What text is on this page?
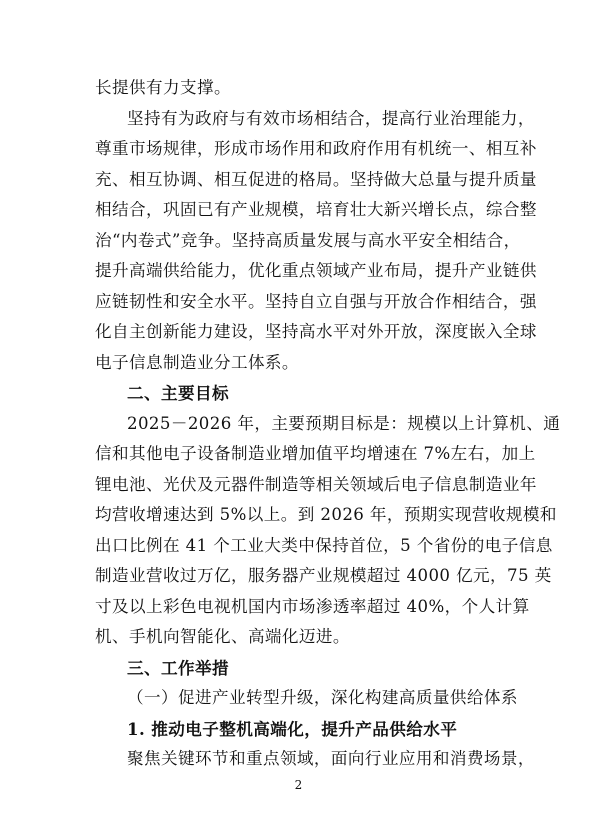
长提供有力支撑。
坚持有为政府与有效市场相结合，提高行业治理能力，
尊重市场规律，形成市场作用和政府作用有机统一、相互补
充、相互协调、相互促进的格局。坚持做大总量与提升质量
相结合，巩固已有产业规模，培育壮大新兴增长点，综合整
治“内卷式”竞争。坚持高质量发展与高水平安全相结合，
提升高端供给能力，优化重点领域产业布局，提升产业链供
应链韧性和安全水平。坚持自立自强与开放合作相结合，强
化自主创新能力建设，坚持高水平对外开放，深度嵌入全球
电子信息制造业分工体系。
二、主要目标
2025－2026 年，主要预期目标是：规模以上计算机、通
信和其他电子设备制造业增加值平均增速在 7%左右，加上
锂电池、光伏及元器件制造等相关领域后电子信息制造业年
均营收增速达到 5%以上。到 2026 年，预期实现营收规模和
出口比例在 41 个工业大类中保持首位，5 个省份的电子信息
制造业营收过万亿，服务器产业规模超过 4000 亿元，75 英
寸及以上彩色电视机国内市场渗透率超过 40%，个人计算
机、手机向智能化、高端化迈进。
三、工作举措
（一）促进产业转型升级，深化构建高质量供给体系
1. 推动电子整机高端化，提升产品供给水平
聚焦关键环节和重点领域，面向行业应用和消费场景，
2
